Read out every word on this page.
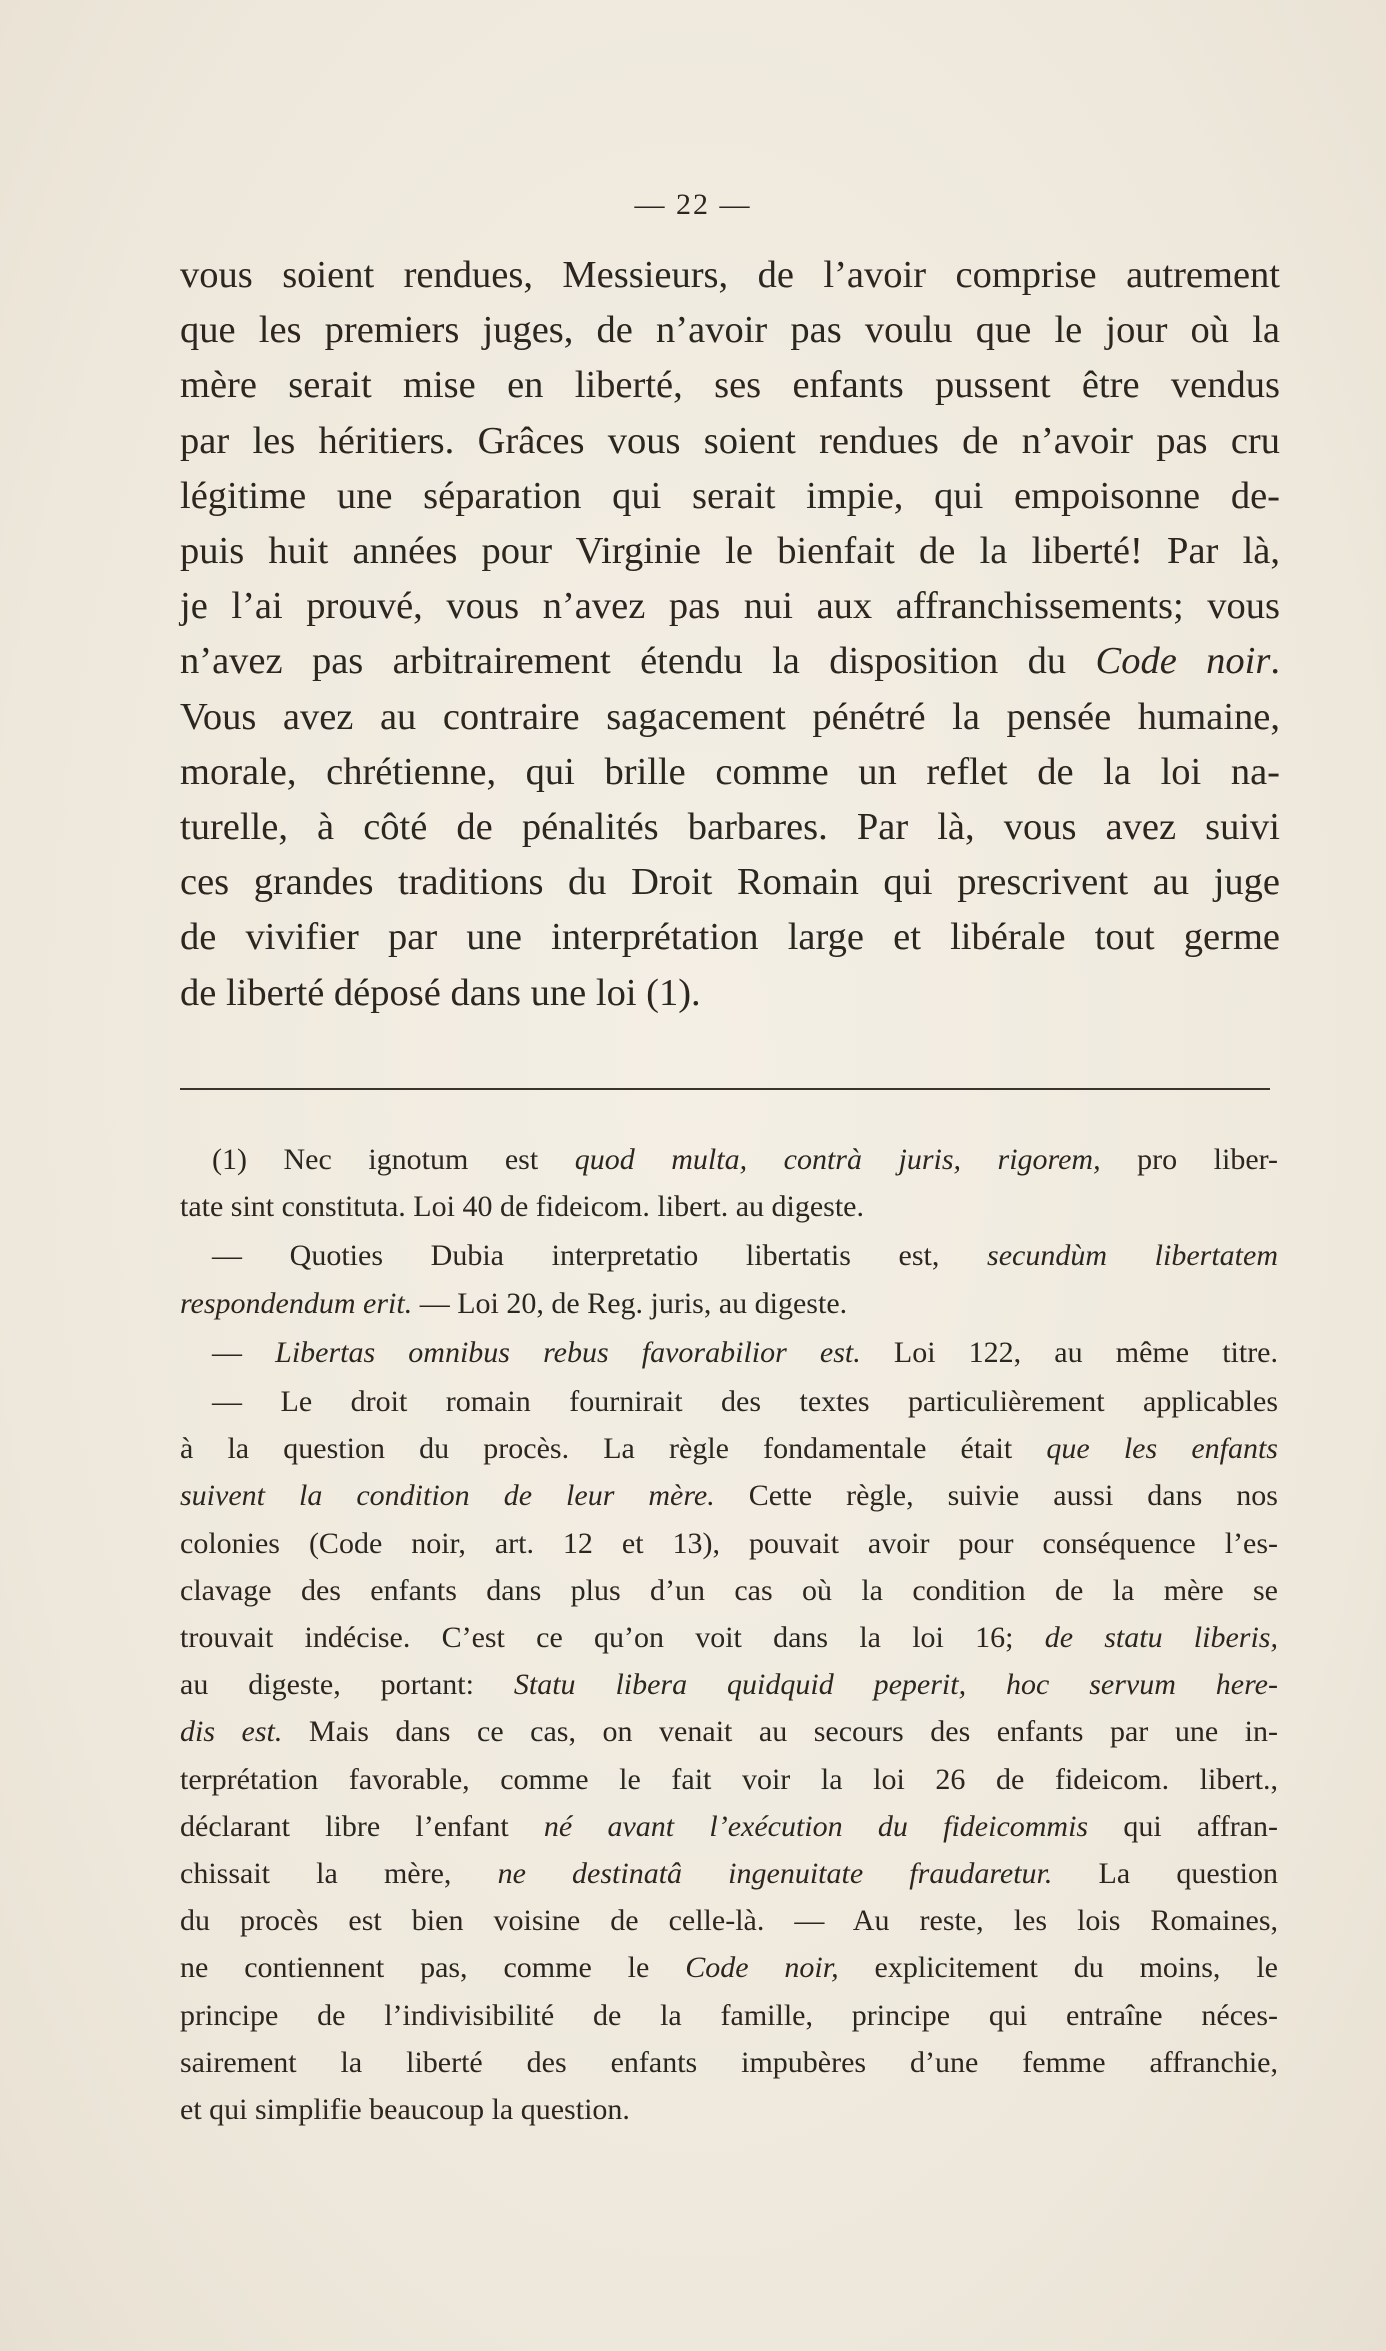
— 22 —
vous soient rendues, Messieurs, de l’avoir comprise autrement
que les premiers juges, de n’avoir pas voulu que le jour où la
mère serait mise en liberté, ses enfants pussent être vendus
par les héritiers. Grâces vous soient rendues de n’avoir pas cru
légitime une séparation qui serait impie, qui empoisonne de-
puis huit années pour Virginie le bienfait de la liberté! Par là,
je l’ai prouvé, vous n’avez pas nui aux affranchissements; vous
n’avez pas arbitrairement étendu la disposition du Code noir.
Vous avez au contraire sagacement pénétré la pensée humaine,
morale, chrétienne, qui brille comme un reflet de la loi na-
turelle, à côté de pénalités barbares. Par là, vous avez suivi
ces grandes traditions du Droit Romain qui prescrivent au juge
de vivifier par une interprétation large et libérale tout germe
de liberté déposé dans une loi (1).
(1) Nec ignotum est quod multa, contrà juris, rigorem, pro liber-
tate sint constituta. Loi 40 de fideicom. libert. au digeste.
— Quoties Dubia interpretatio libertatis est, secundùm libertatem
respondendum erit. — Loi 20, de Reg. juris, au digeste.
— Libertas omnibus rebus favorabilior est. Loi 122, au même titre.
— Le droit romain fournirait des textes particulièrement applicables
à la question du procès. La règle fondamentale était que les enfants
suivent la condition de leur mère. Cette règle, suivie aussi dans nos
colonies (Code noir, art. 12 et 13), pouvait avoir pour conséquence l’es-
clavage des enfants dans plus d’un cas où la condition de la mère se
trouvait indécise. C’est ce qu’on voit dans la loi 16; de statu liberis,
au digeste, portant: Statu libera quidquid peperit, hoc servum here-
dis est. Mais dans ce cas, on venait au secours des enfants par une in-
terprétation favorable, comme le fait voir la loi 26 de fideicom. libert.,
déclarant libre l’enfant né avant l’exécution du fideicommis qui affran-
chissait la mère, ne destinatâ ingenuitate fraudaretur. La question
du procès est bien voisine de celle-là. — Au reste, les lois Romaines,
ne contiennent pas, comme le Code noir, explicitement du moins, le
principe de l’indivisibilité de la famille, principe qui entraîne néces-
sairement la liberté des enfants impubères d’une femme affranchie,
et qui simplifie beaucoup la question.
